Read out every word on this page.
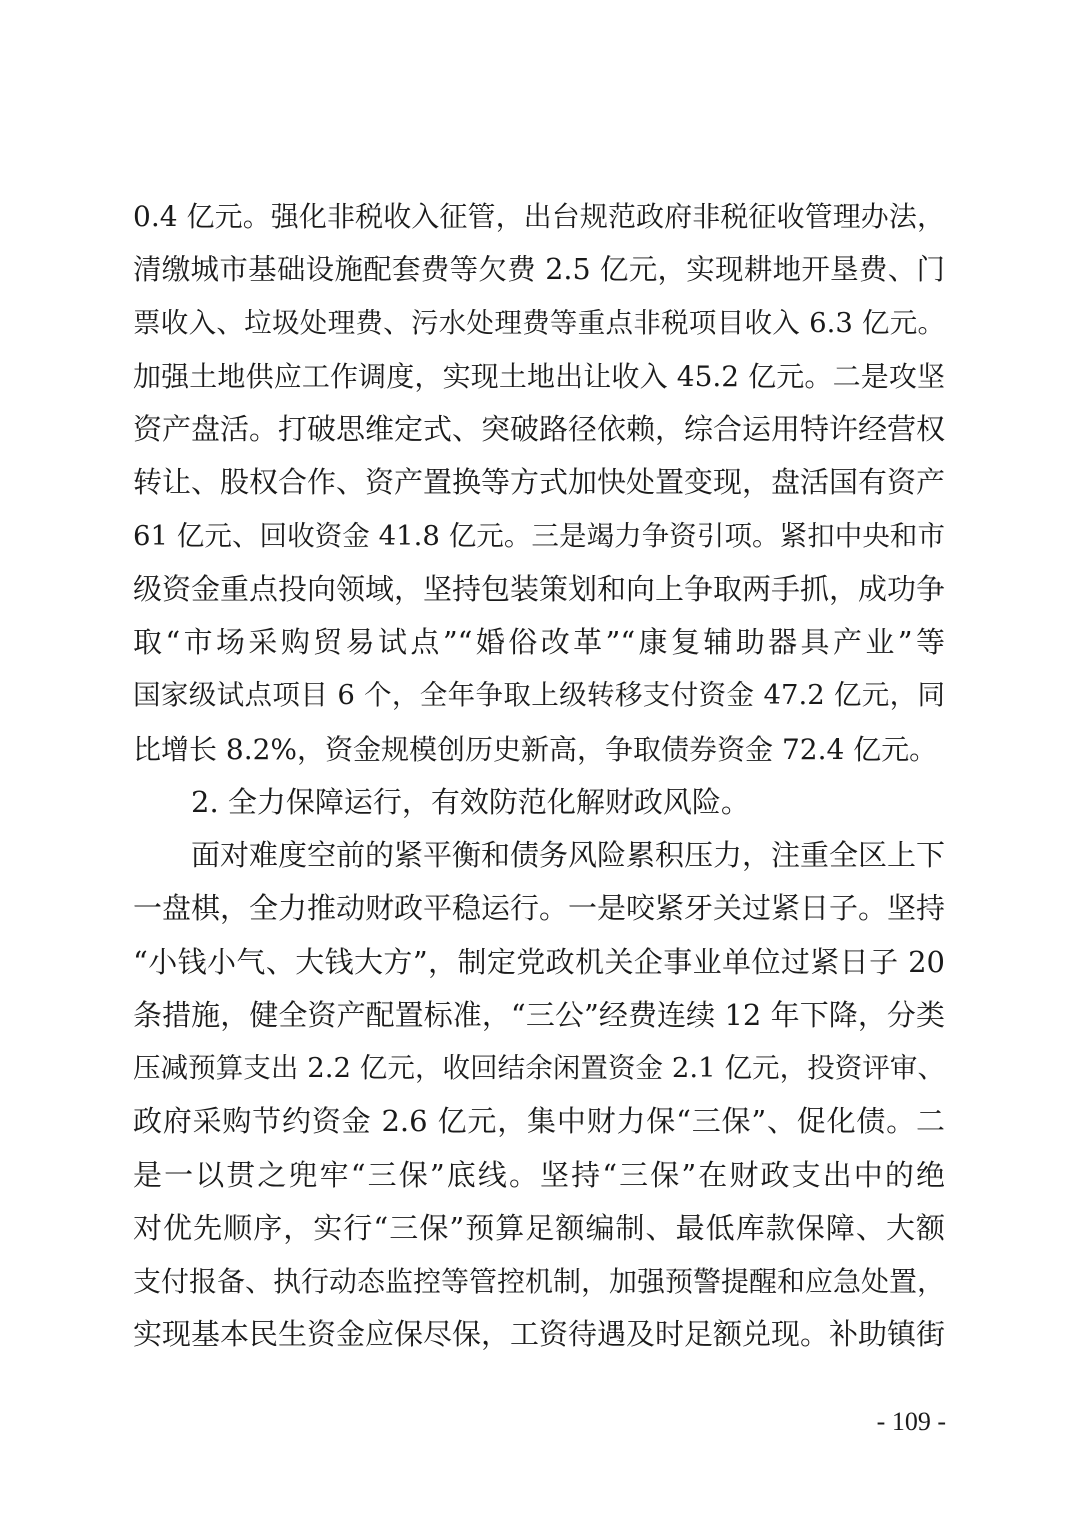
0.4 亿元。强化非税收入征管，出台规范政府非税征收管理办法，
清缴城市基础设施配套费等欠费 2.5 亿元，实现耕地开垦费、门
票收入、垃圾处理费、污水处理费等重点非税项目收入 6.3 亿元。
加强土地供应工作调度，实现土地出让收入 45.2 亿元。二是攻坚
资产盘活。打破思维定式、突破路径依赖，综合运用特许经营权
转让、股权合作、资产置换等方式加快处置变现，盘活国有资产
61 亿元、回收资金 41.8 亿元。三是竭力争资引项。紧扣中央和市
级资金重点投向领域，坚持包装策划和向上争取两手抓，成功争
取“市场采购贸易试点”“婚俗改革”“康复辅助器具产业”等
国家级试点项目 6 个，全年争取上级转移支付资金 47.2 亿元，同
比增长 8.2%，资金规模创历史新高，争取债券资金 72.4 亿元。
2. 全力保障运行，有效防范化解财政风险。
面对难度空前的紧平衡和债务风险累积压力，注重全区上下
一盘棋，全力推动财政平稳运行。一是咬紧牙关过紧日子。坚持
“小钱小气、大钱大方”，制定党政机关企事业单位过紧日子 20
条措施，健全资产配置标准，“三公”经费连续 12 年下降，分类
压减预算支出 2.2 亿元，收回结余闲置资金 2.1 亿元，投资评审、
政府采购节约资金 2.6 亿元，集中财力保“三保”、促化债。二
是一以贯之兜牢“三保”底线。坚持“三保”在财政支出中的绝
对优先顺序，实行“三保”预算足额编制、最低库款保障、大额
支付报备、执行动态监控等管控机制，加强预警提醒和应急处置，
实现基本民生资金应保尽保，工资待遇及时足额兑现。补助镇街
- 109 -
